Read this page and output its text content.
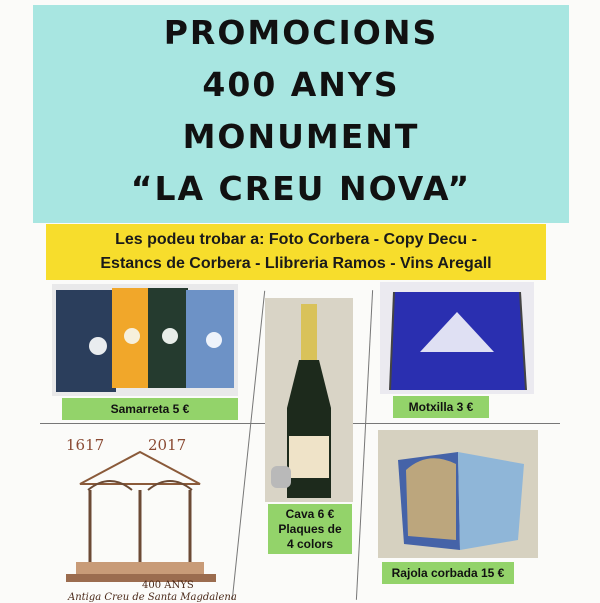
PROMOCIONS
400 ANYS
MONUMENT
“LA CREU NOVA”
Les podeu trobar a: Foto Corbera - Copy Decu -
Estancs de Corbera - Llibreria Ramos - Vins Aregall
Samarreta 5 €
Cava 6 €
Plaques de
4 colors
Motxilla 3 €
Rajola corbada 15 €
1617	2017
400 ANYS
Antiga Creu de Santa Magdalena
